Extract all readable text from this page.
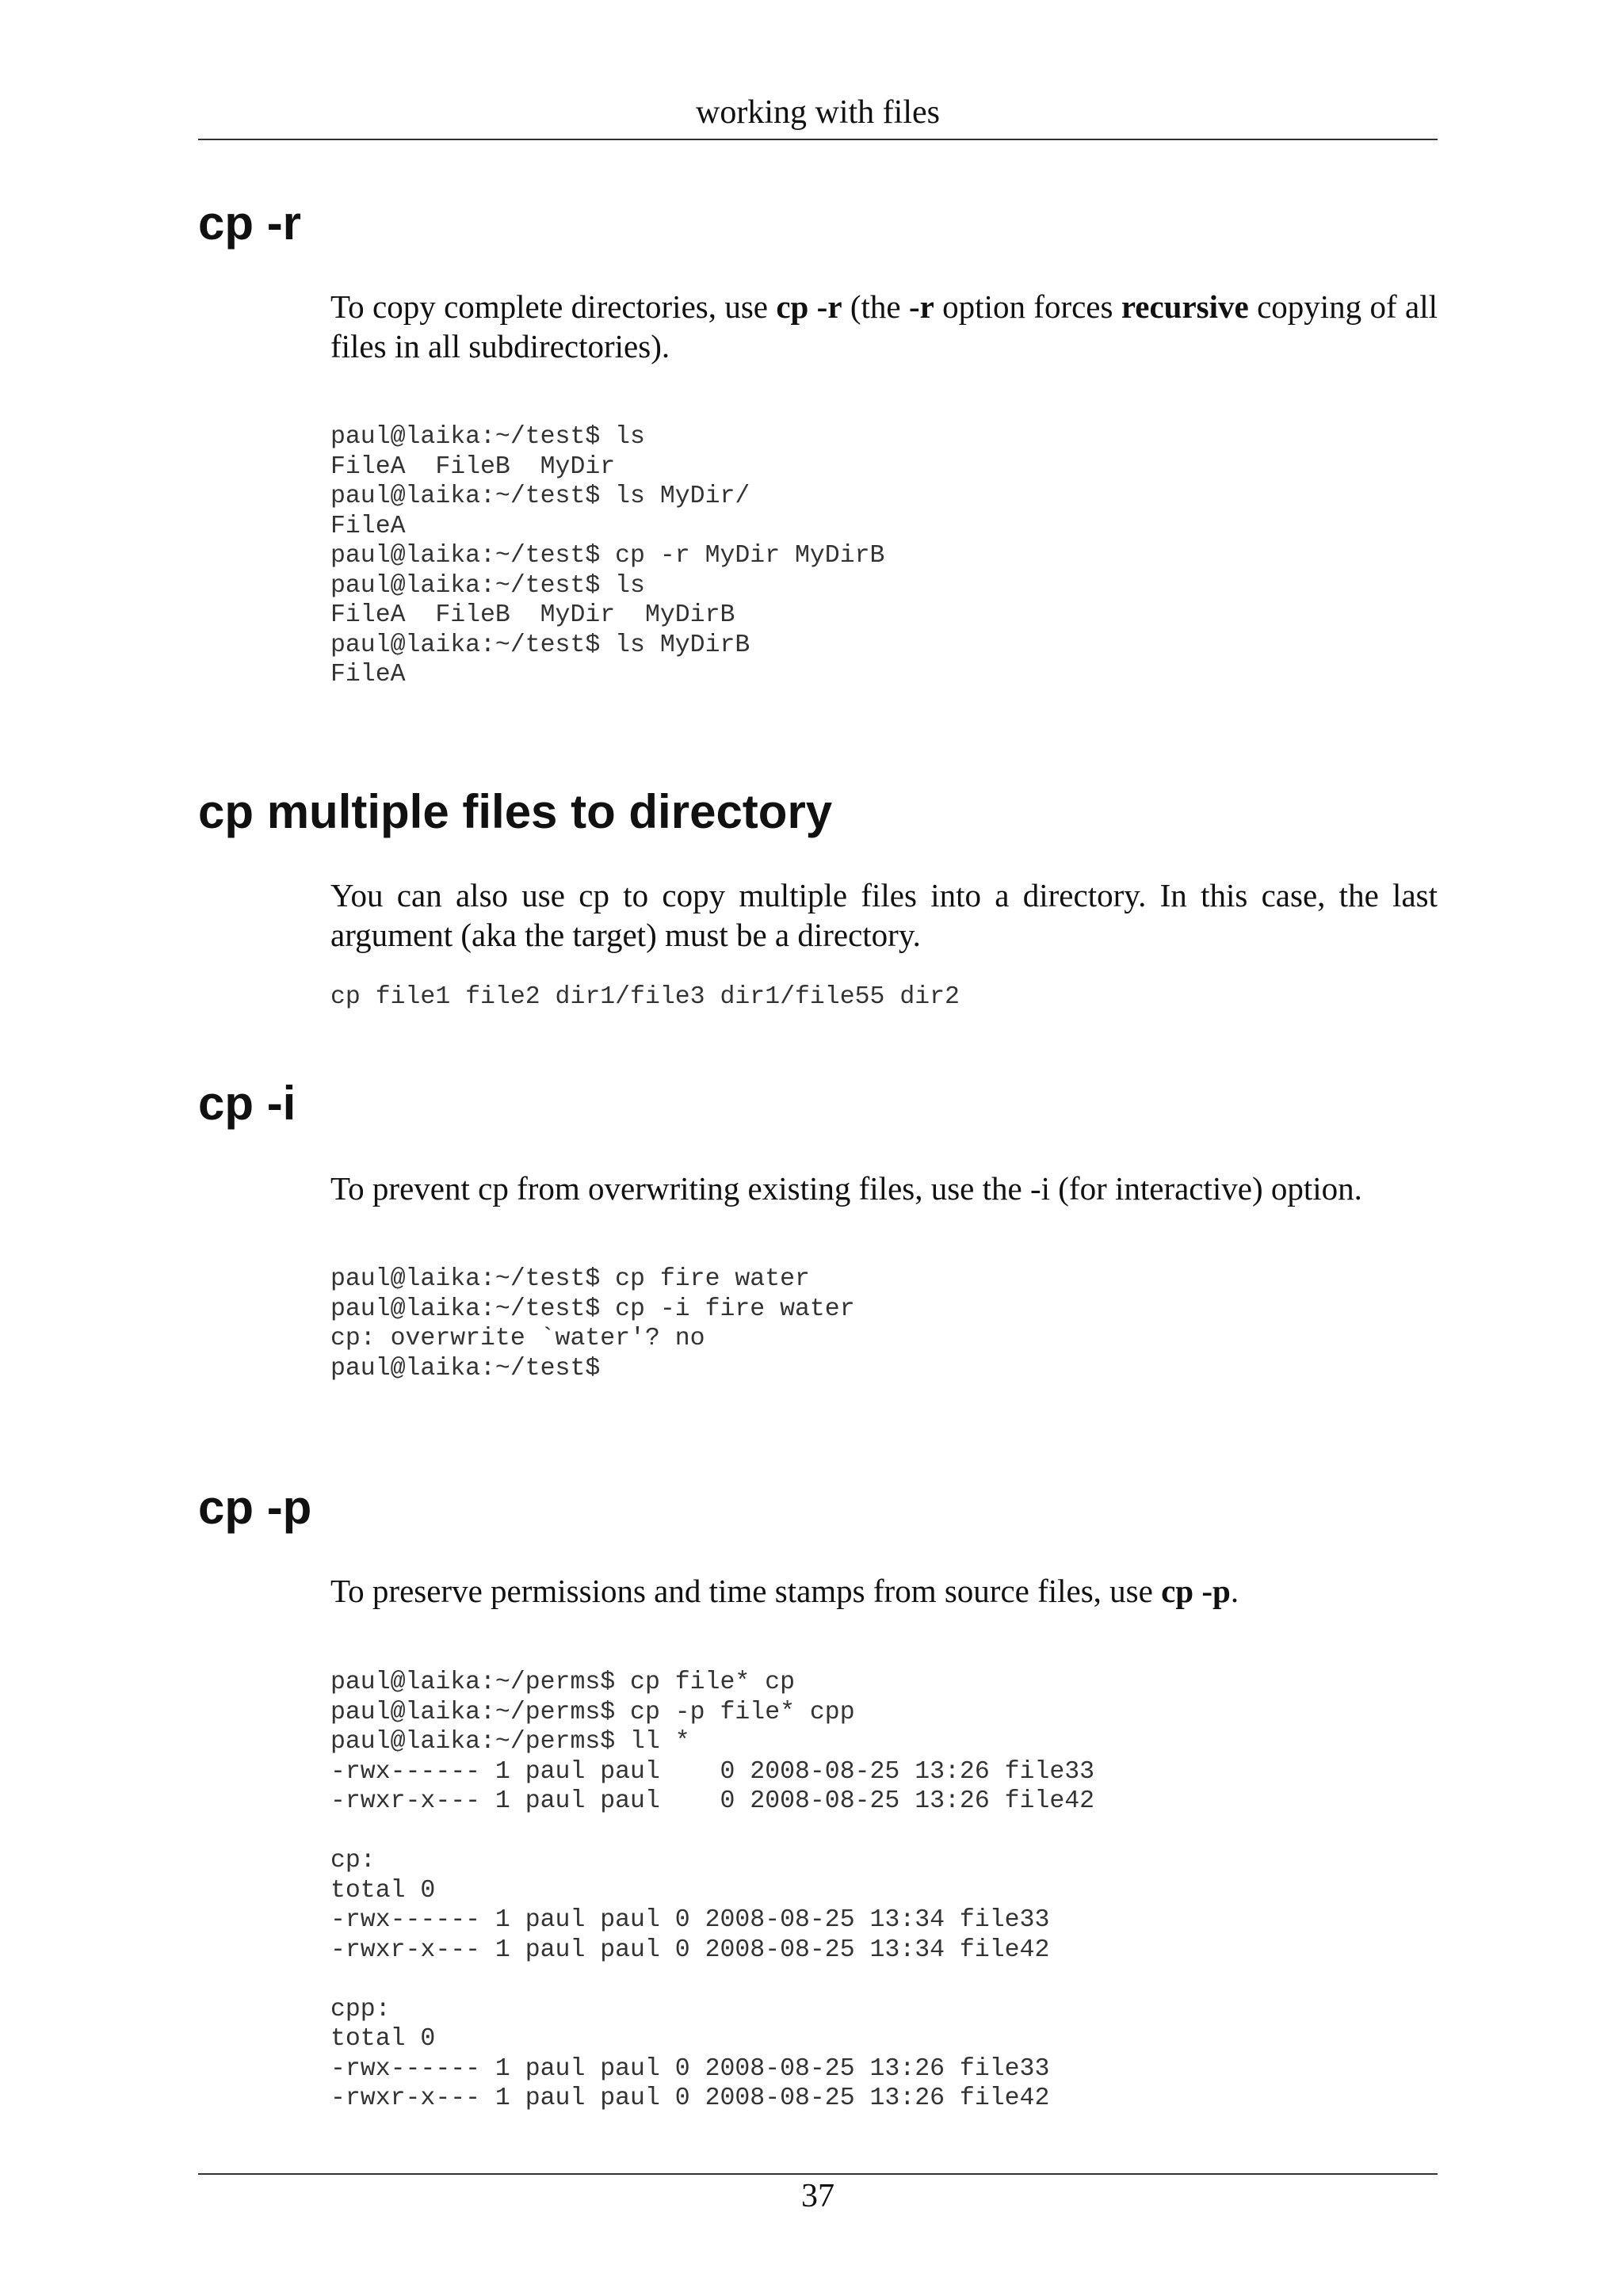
working with files
cp -r

To copy complete directories, use cp -r (the -r option forces recursive copying of all files in all subdirectories).

paul@laika:~/test$ ls
FileA  FileB  MyDir
paul@laika:~/test$ ls MyDir/
FileA
paul@laika:~/test$ cp -r MyDir MyDirB
paul@laika:~/test$ ls
FileA  FileB  MyDir  MyDirB
paul@laika:~/test$ ls MyDirB
FileA
cp multiple files to directory

You can also use cp to copy multiple files into a directory. In this case, the last argument (aka the target) must be a directory.

cp file1 file2 dir1/file3 dir1/file55 dir2
cp -i

To prevent cp from overwriting existing files, use the -i (for interactive) option.

paul@laika:~/test$ cp fire water
paul@laika:~/test$ cp -i fire water
cp: overwrite `water'? no
paul@laika:~/test$
cp -p

To preserve permissions and time stamps from source files, use cp -p.

paul@laika:~/perms$ cp file* cp
paul@laika:~/perms$ cp -p file* cpp
paul@laika:~/perms$ ll *
-rwx------ 1 paul paul    0 2008-08-25 13:26 file33
-rwxr-x--- 1 paul paul    0 2008-08-25 13:26 file42

cp:
total 0
-rwx------ 1 paul paul 0 2008-08-25 13:34 file33
-rwxr-x--- 1 paul paul 0 2008-08-25 13:34 file42

cpp:
total 0
-rwx------ 1 paul paul 0 2008-08-25 13:26 file33
-rwxr-x--- 1 paul paul 0 2008-08-25 13:26 file42
37
